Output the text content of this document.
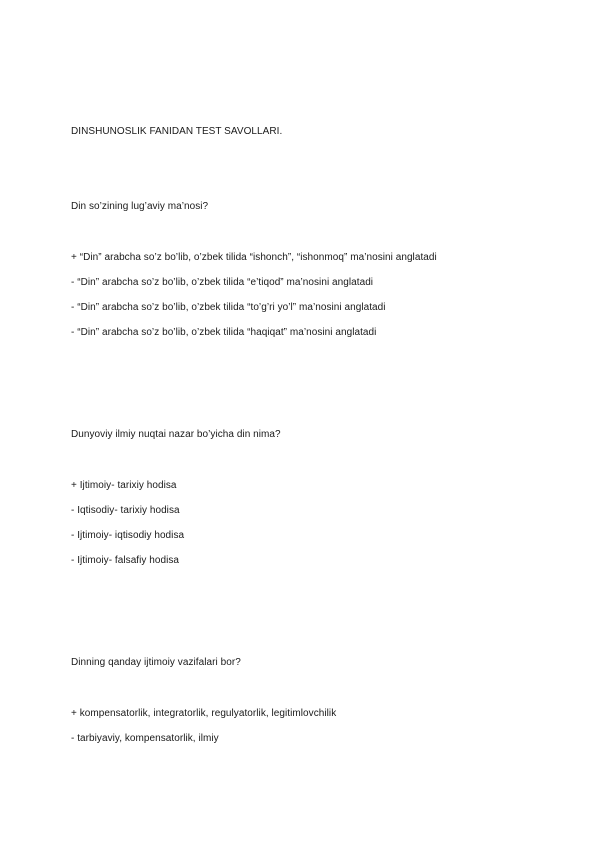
DINSHUNOSLIK FANIDAN TEST SAVOLLARI.
Din so’zining lug’aviy ma’nosi?
+ “Din” arabcha so’z bo’lib, o’zbek tilida “ishonch”, “ishonmoq” ma’nosini anglatadi
- “Din” arabcha so’z bo’lib, o’zbek tilida “e’tiqod” ma’nosini anglatadi
- “Din” arabcha so’z bo’lib, o’zbek tilida “to’g’ri yo’l” ma’nosini anglatadi
- “Din” arabcha so’z bo’lib, o’zbek tilida “haqiqat” ma’nosini anglatadi
Dunyoviy ilmiy nuqtai nazar bo’yicha din nima?
+ Ijtimoiy- tarixiy hodisa
- Iqtisodiy- tarixiy hodisa
- Ijtimoiy- iqtisodiy hodisa
- Ijtimoiy- falsafiy hodisa
Dinning qanday ijtimoiy vazifalari bor?
+ kompensatorlik, integratorlik, regulyatorlik, legitimlovchilik
- tarbiyaviy, kompensatorlik, ilmiy
